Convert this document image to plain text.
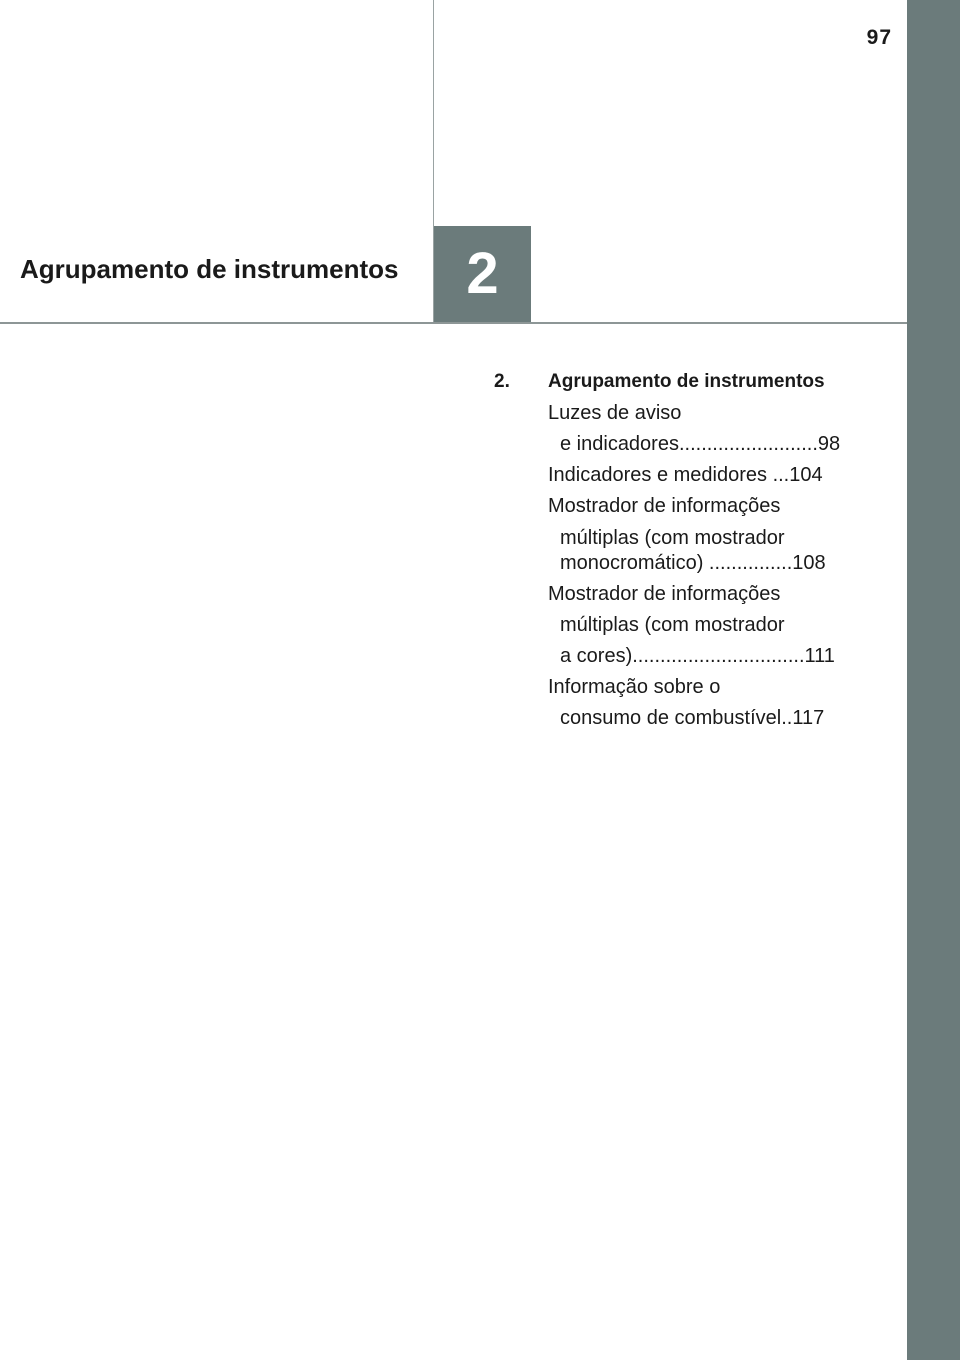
97
Agrupamento de instrumentos	2
2. Agrupamento de instrumentos
Luzes de aviso
e indicadores.........................98
Indicadores e medidores ...104
Mostrador de informações
múltiplas (com mostrador
monocromático) ...............108
Mostrador de informações
múltiplas (com mostrador
a cores)...............................111
Informação sobre o
consumo de combustível..117
